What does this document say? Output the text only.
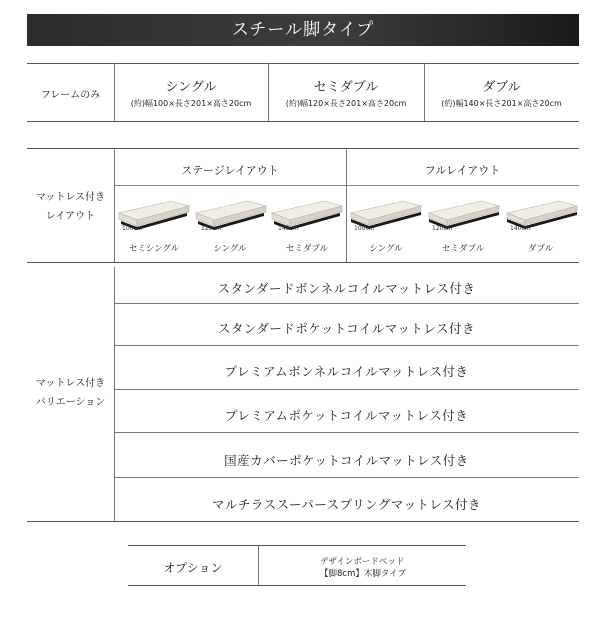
スチール脚タイプ
フレームのみ
シングル
(約)幅100×長さ201×高さ20cm
セミダブル
(約)幅120×長さ201×高さ20cm
ダブル
(約)幅140×長さ201×高さ20cm
マットレス付き
レイアウト
ステージレイアウト	フルレイアウト
100cm
セミシングル
120cm
シングル
140cm
セミダブル
100cm
シングル
120cm
セミダブル
140cm
ダブル
マットレス付き
バリエーション
スタンダードボンネルコイルマットレス付き
スタンダードポケットコイルマットレス付き
プレミアムボンネルコイルマットレス付き
プレミアムポケットコイルマットレス付き
国産カバーポケットコイルマットレス付き
マルチラススーパースプリングマットレス付き
オプション	デザインボードベッド
【脚8cm】木脚タイプ
